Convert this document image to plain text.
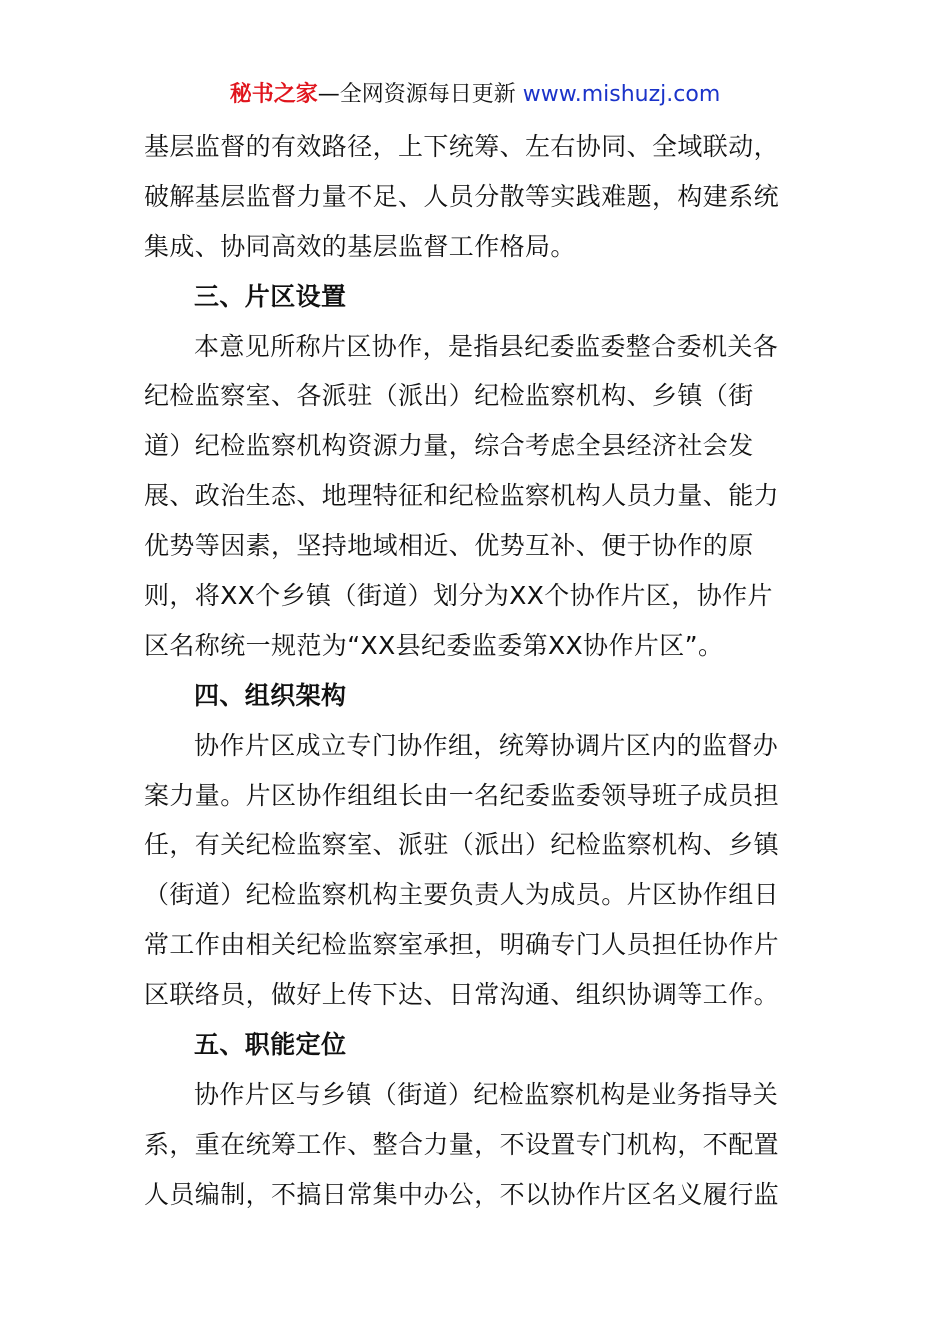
秘书之家—全网资源每日更新 www.mishuzj.com
基层监督的有效路径，上下统筹、左右协同、全域联动，
破解基层监督力量不足、人员分散等实践难题，构建系统
集成、协同高效的基层监督工作格局。
三、片区设置
本意见所称片区协作，是指县纪委监委整合委机关各
纪检监察室、各派驻（派出）纪检监察机构、乡镇（街
道）纪检监察机构资源力量，综合考虑全县经济社会发
展、政治生态、地理特征和纪检监察机构人员力量、能力
优势等因素，坚持地域相近、优势互补、便于协作的原
则，将XX个乡镇（街道）划分为XX个协作片区，协作片
区名称统一规范为“XX县纪委监委第XX协作片区”。
四、组织架构
协作片区成立专门协作组，统筹协调片区内的监督办
案力量。片区协作组组长由一名纪委监委领导班子成员担
任，有关纪检监察室、派驻（派出）纪检监察机构、乡镇
（街道）纪检监察机构主要负责人为成员。片区协作组日
常工作由相关纪检监察室承担，明确专门人员担任协作片
区联络员，做好上传下达、日常沟通、组织协调等工作。
五、职能定位
协作片区与乡镇（街道）纪检监察机构是业务指导关
系，重在统筹工作、整合力量，不设置专门机构，不配置
人员编制，不搞日常集中办公，不以协作片区名义履行监
